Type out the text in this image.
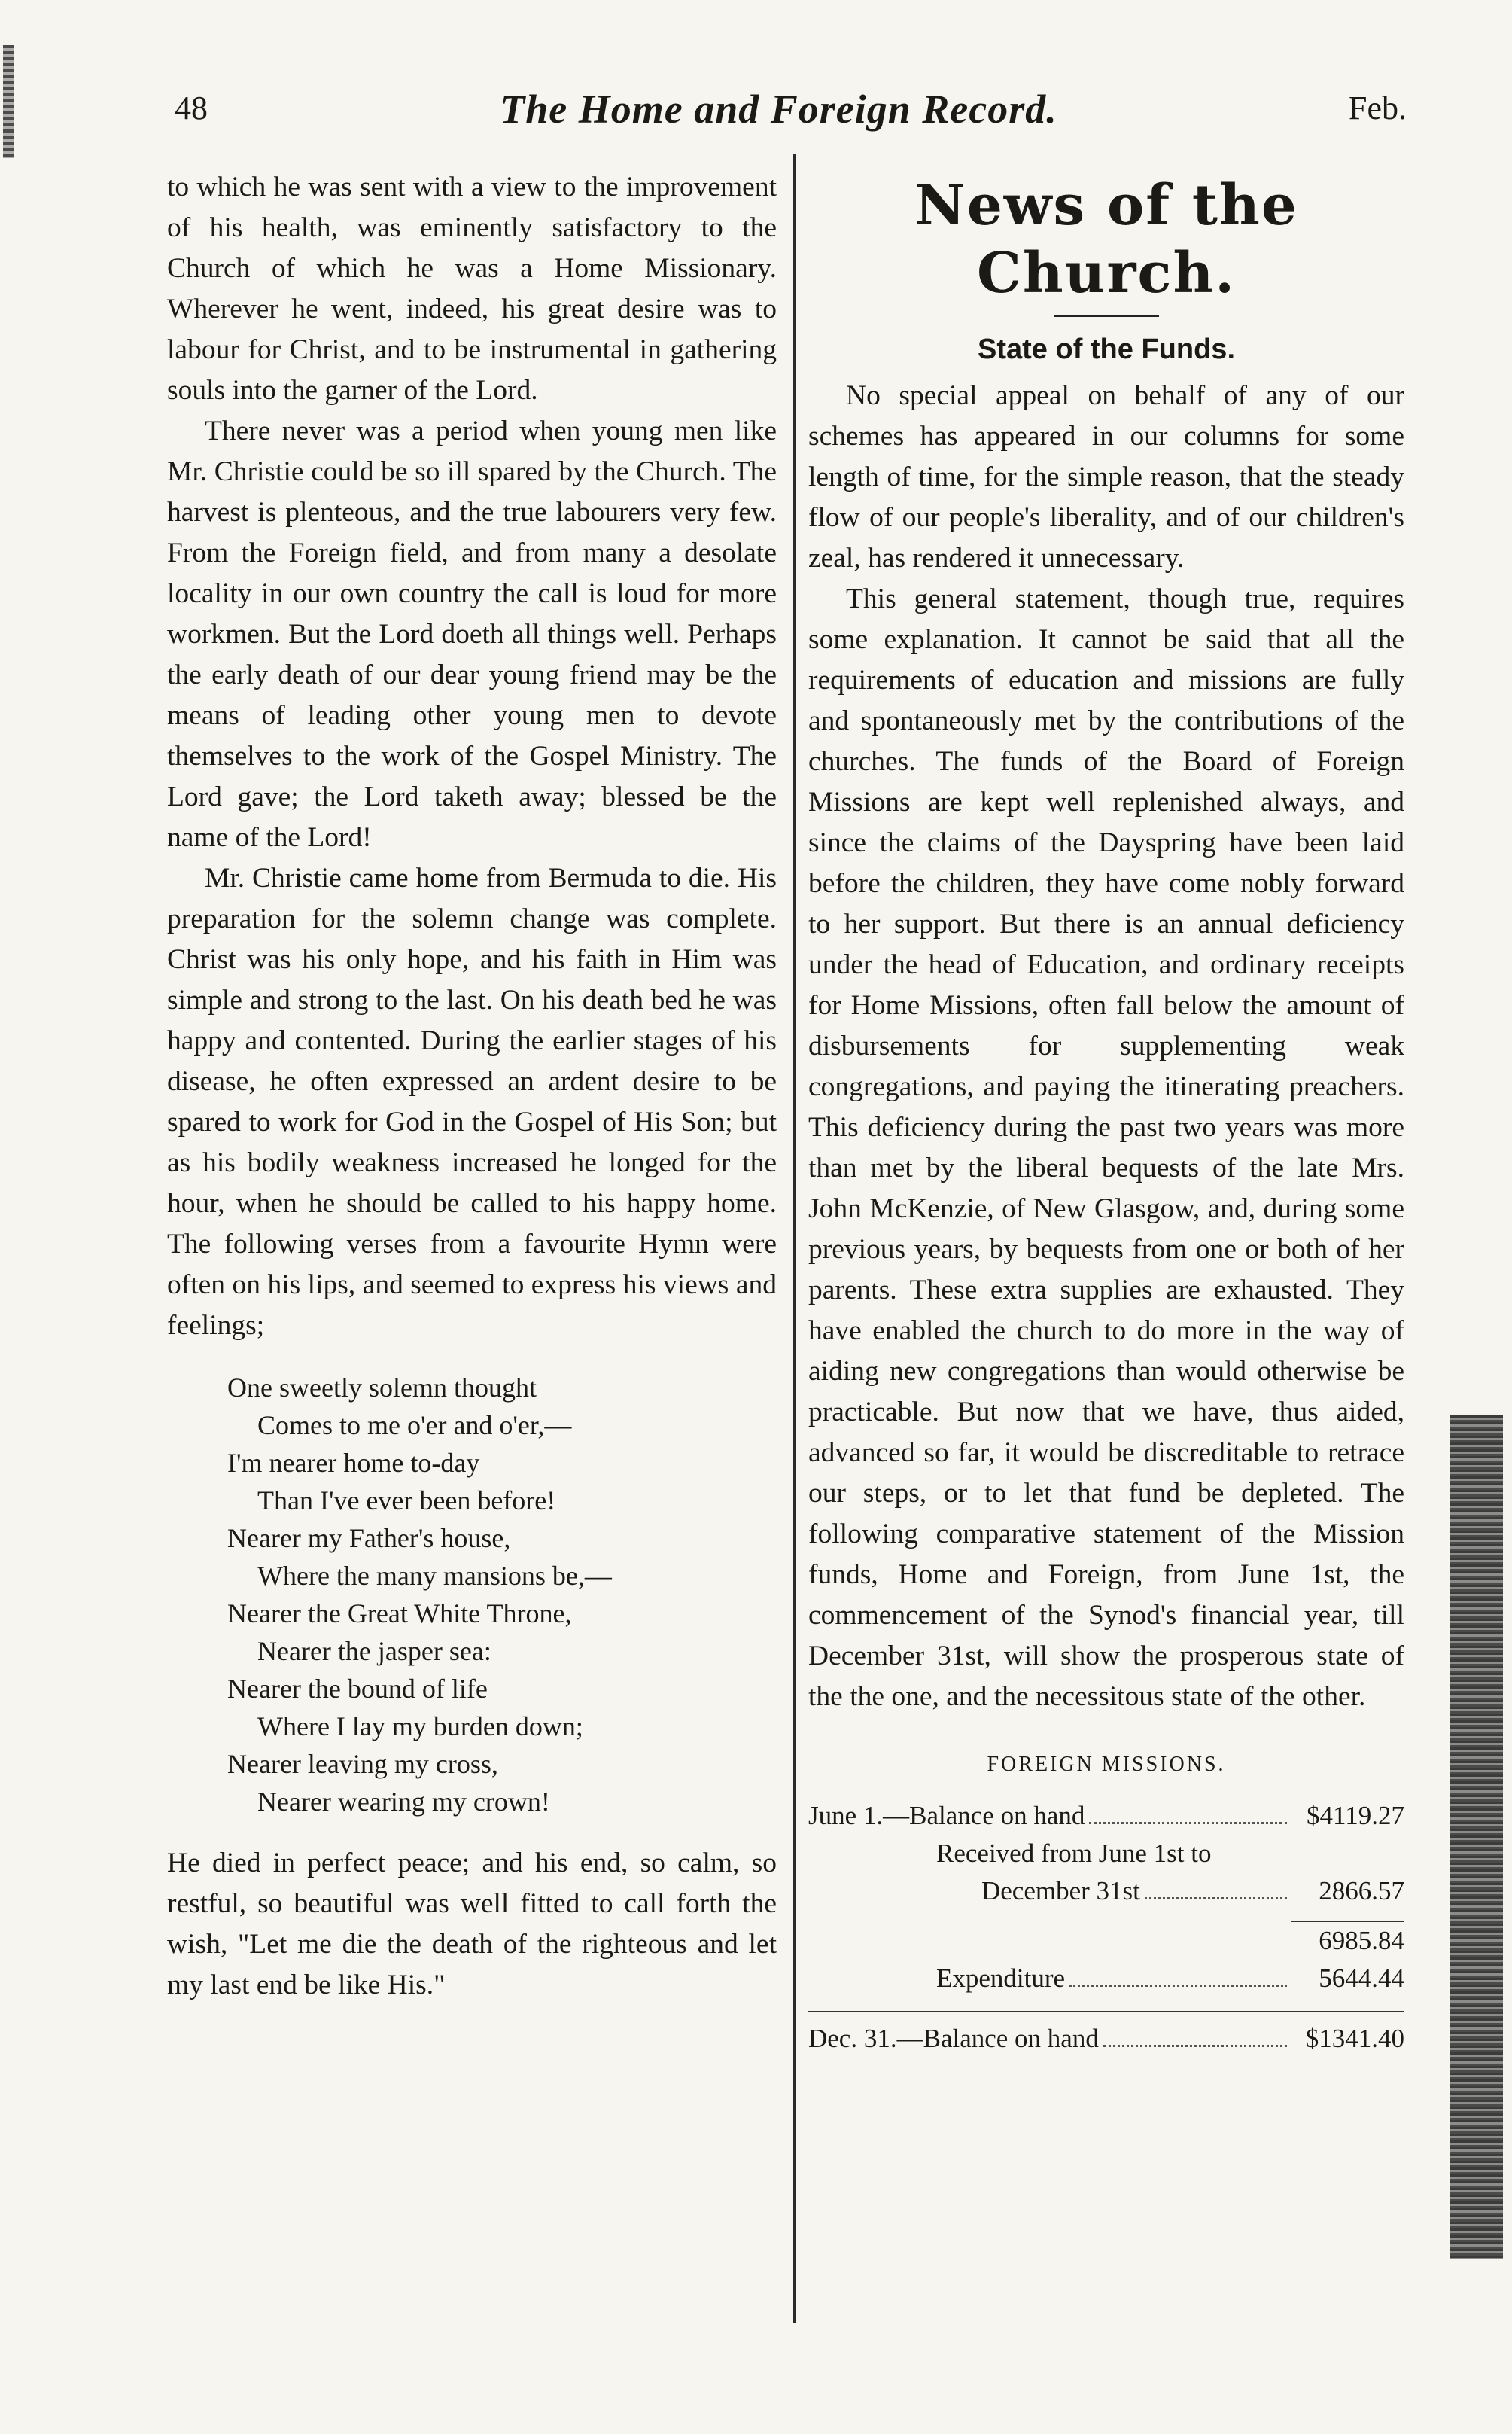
48	The Home and Foreign Record.	Feb.

to which he was sent with a view to the improvement of his health, was eminently satisfactory to the Church of which he was a Home Missionary. Wherever he went, indeed, his great desire was to labour for Christ, and to be instrumental in gathering souls into the garner of the Lord.

There never was a period when young men like Mr. Christie could be so ill spared by the Church. The harvest is plenteous, and the true labourers very few. From the Foreign field, and from many a desolate locality in our own country the call is loud for more workmen. But the Lord doeth all things well. Perhaps the early death of our dear young friend may be the means of leading other young men to devote themselves to the work of the Gospel Ministry. The Lord gave; the Lord taketh away; blessed be the name of the Lord!

Mr. Christie came home from Bermuda to die. His preparation for the solemn change was complete. Christ was his only hope, and his faith in Him was simple and strong to the last. On his death bed he was happy and contented. During the earlier stages of his disease, he often expressed an ardent desire to be spared to work for God in the Gospel of His Son; but as his bodily weakness increased he longed for the hour, when he should be called to his happy home. The following verses from a favourite Hymn were often on his lips, and seemed to express his views and feelings;

One sweetly solemn thought
Comes to me o'er and o'er,—
I'm nearer home to-day
Than I've ever been before!
Nearer my Father's house,
Where the many mansions be,—
Nearer the Great White Throne,
Nearer the jasper sea:
Nearer the bound of life
Where I lay my burden down;
Nearer leaving my cross,
Nearer wearing my crown!

He died in perfect peace; and his end, so calm, so restful, so beautiful was well fitted to call forth the wish, "Let me die the death of the righteous and let my last end be like His."

News of the Church.
State of the Funds.

No special appeal on behalf of any of our schemes has appeared in our columns for some length of time, for the simple reason, that the steady flow of our people's liberality, and of our children's zeal, has rendered it unnecessary.

This general statement, though true, requires some explanation. It cannot be said that all the requirements of education and missions are fully and spontaneously met by the contributions of the churches. The funds of the Board of Foreign Missions are kept well replenished always, and since the claims of the Dayspring have been laid before the children, they have come nobly forward to her support. But there is an annual deficiency under the head of Education, and ordinary receipts for Home Missions, often fall below the amount of disbursements for supplementing weak congregations, and paying the itinerating preachers. This deficiency during the past two years was more than met by the liberal bequests of the late Mrs. John McKenzie, of New Glasgow, and, during some previous years, by bequests from one or both of her parents. These extra supplies are exhausted. They have enabled the church to do more in the way of aiding new congregations than would otherwise be practicable. But now that we have, thus aided, advanced so far, it would be discreditable to retrace our steps, or to let that fund be depleted. The following comparative statement of the Mission funds, Home and Foreign, from June 1st, the commencement of the Synod's financial year, till December 31st, will show the prosperous state of the the one, and the necessitous state of the other.

FOREIGN MISSIONS.
June 1.—Balance on hand	$4119.27
Received from June 1st to
December 31st	2866.57
6985.84
Expenditure	5644.44
Dec. 31.—Balance on hand	$1341.40
